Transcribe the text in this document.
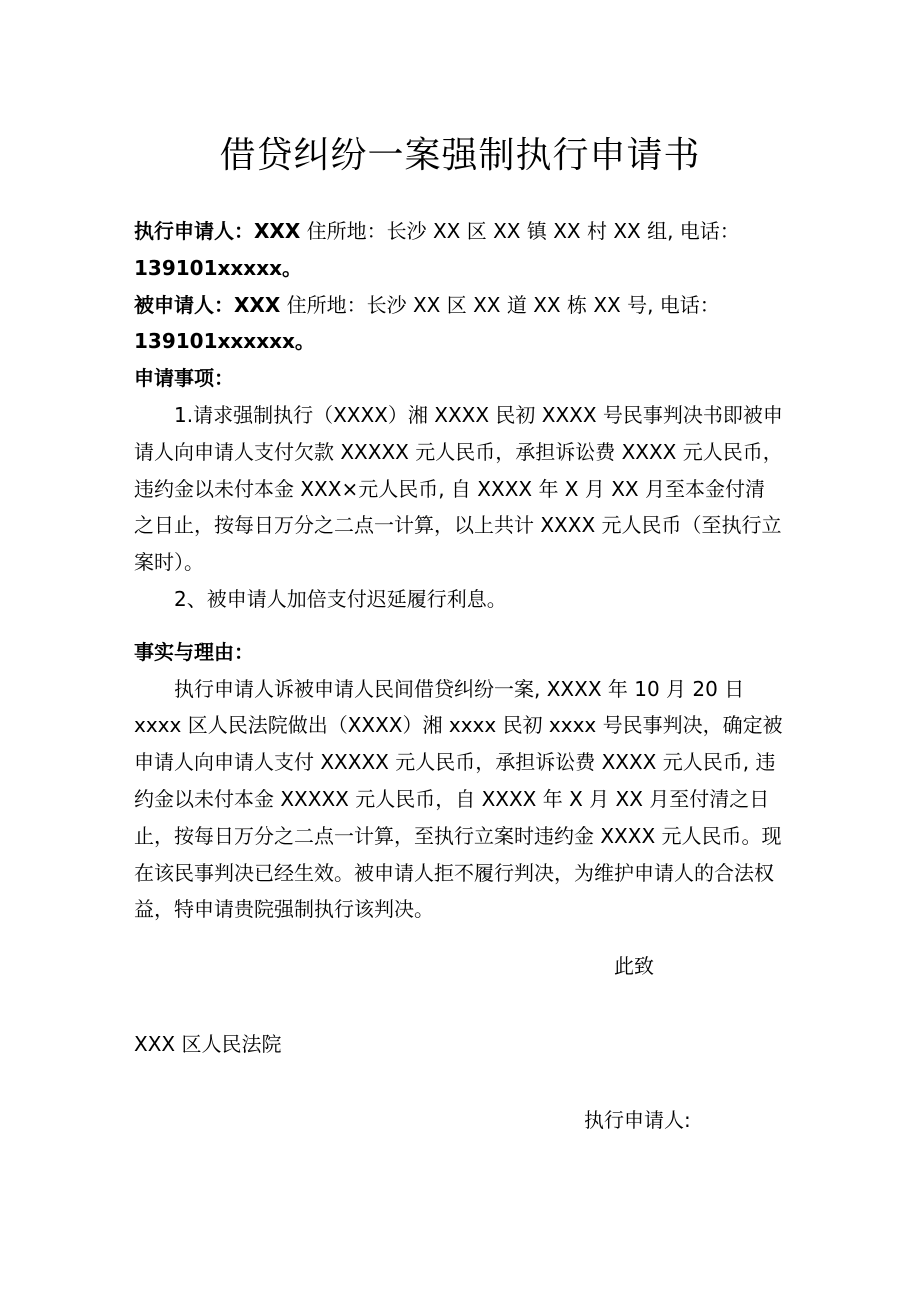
借贷纠纷一案强制执行申请书

执行申请人：XXX 住所地：长沙 XX 区 XX 镇 XX 村 XX 组, 电话：

139101xxxxx。

被申请人：XXX 住所地：长沙 XX 区 XX 道 XX 栋 XX 号, 电话：

139101xxxxxx。

申请事项：

1.请求强制执行（XXXX）湘 XXXX 民初 XXXX 号民事判决书即被申请人向申请人支付欠款 XXXXX 元人民币，承担诉讼费 XXXX 元人民币，违约金以未付本金 XXX×元人民币, 自 XXXX 年 X 月 XX 月至本金付清之日止，按每日万分之二点一计算，以上共计 XXXX 元人民币（至执行立案时）。

2、被申请人加倍支付迟延履行利息。

事实与理由：

执行申请人诉被申请人民间借贷纠纷一案, XXXX 年 10 月 20 日 xxxx 区人民法院做出（XXXX）湘 xxxx 民初 xxxx 号民事判决，确定被申请人向申请人支付 XXXXX 元人民币，承担诉讼费 XXXX 元人民币, 违约金以未付本金 XXXXX 元人民币，自 XXXX 年 X 月 XX 月至付清之日止，按每日万分之二点一计算，至执行立案时违约金 XXXX 元人民币。现在该民事判决已经生效。被申请人拒不履行判决，为维护申请人的合法权益，特申请贵院强制执行该判决。

此致
XXX 区人民法院
执行申请人:
